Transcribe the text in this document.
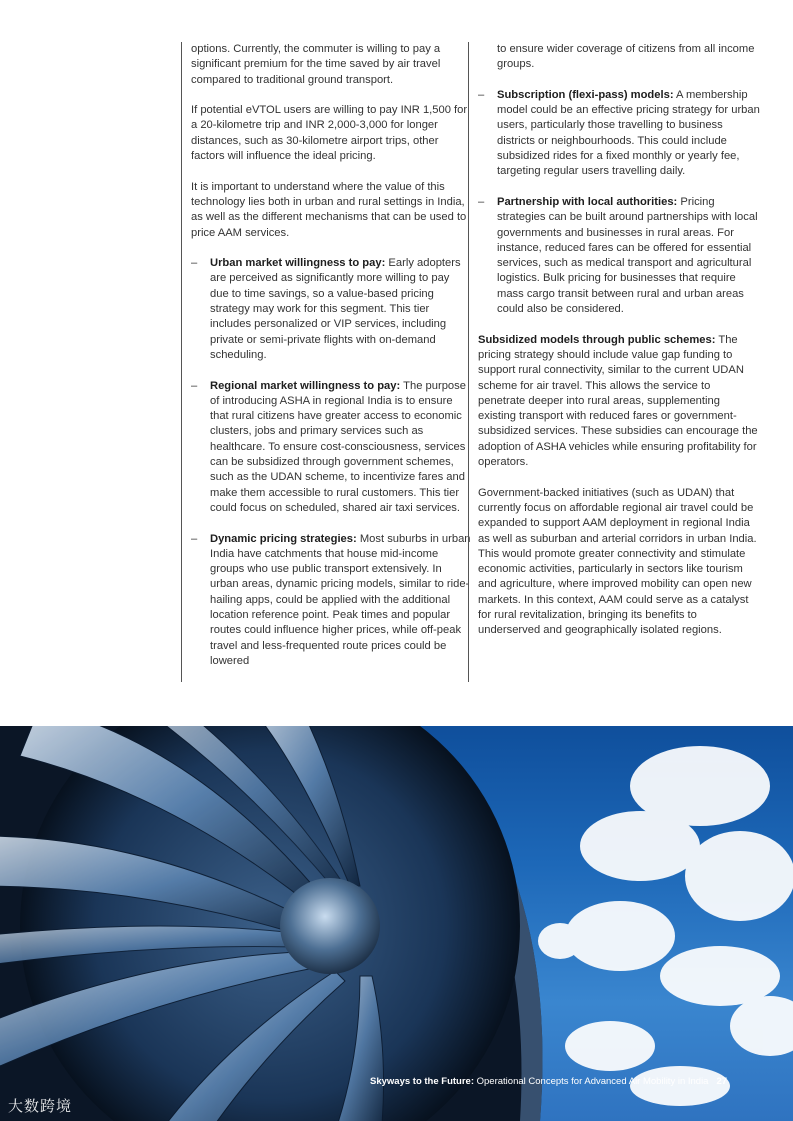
options. Currently, the commuter is willing to pay a significant premium for the time saved by air travel compared to traditional ground transport.

If potential eVTOL users are willing to pay INR 1,500 for a 20-kilometre trip and INR 2,000-3,000 for longer distances, such as 30-kilometre airport trips, other factors will influence the ideal pricing.

It is important to understand where the value of this technology lies both in urban and rural settings in India, as well as the different mechanisms that can be used to price AAM services.

– Urban market willingness to pay: Early adopters are perceived as significantly more willing to pay due to time savings, so a value-based pricing strategy may work for this segment. This tier includes personalized or VIP services, including private or semi-private flights with on-demand scheduling.
– Regional market willingness to pay: The purpose of introducing ASHA in regional India is to ensure that rural citizens have greater access to economic clusters, jobs and primary services such as healthcare. To ensure cost-consciousness, services can be subsidized through government schemes, such as the UDAN scheme, to incentivize fares and make them accessible to rural customers. This tier could focus on scheduled, shared air taxi services.
– Dynamic pricing strategies: Most suburbs in urban India have catchments that house mid-income groups who use public transport extensively. In urban areas, dynamic pricing models, similar to ride-hailing apps, could be applied with the additional location reference point. Peak times and popular routes could influence higher prices, while off-peak travel and less-frequented route prices could be lowered

to ensure wider coverage of citizens from all income groups.

– Subscription (flexi-pass) models: A membership model could be an effective pricing strategy for urban users, particularly those travelling to business districts or neighbourhoods. This could include subsidized rides for a fixed monthly or yearly fee, targeting regular users travelling daily.
– Partnership with local authorities: Pricing strategies can be built around partnerships with local governments and businesses in rural areas. For instance, reduced fares can be offered for essential services, such as medical transport and agricultural logistics. Bulk pricing for businesses that require mass cargo transit between rural and urban areas could also be considered.

Subsidized models through public schemes: The pricing strategy should include value gap funding to support rural connectivity, similar to the current UDAN scheme for air travel. This allows the service to penetrate deeper into rural areas, supplementing existing transport with reduced fares or government-subsidized services. These subsidies can encourage the adoption of ASHA vehicles while ensuring profitability for operators.

Government-backed initiatives (such as UDAN) that currently focus on affordable regional air travel could be expanded to support AAM deployment in regional India as well as suburban and arterial corridors in urban India. This would promote greater connectivity and stimulate economic activities, particularly in sectors like tourism and agriculture, where improved mobility can open new markets. In this context, AAM could serve as a catalyst for rural revitalization, bringing its benefits to underserved and geographically isolated regions.

Skyways to the Future: Operational Concepts for Advanced Air Mobility in India 27
大数跨境
